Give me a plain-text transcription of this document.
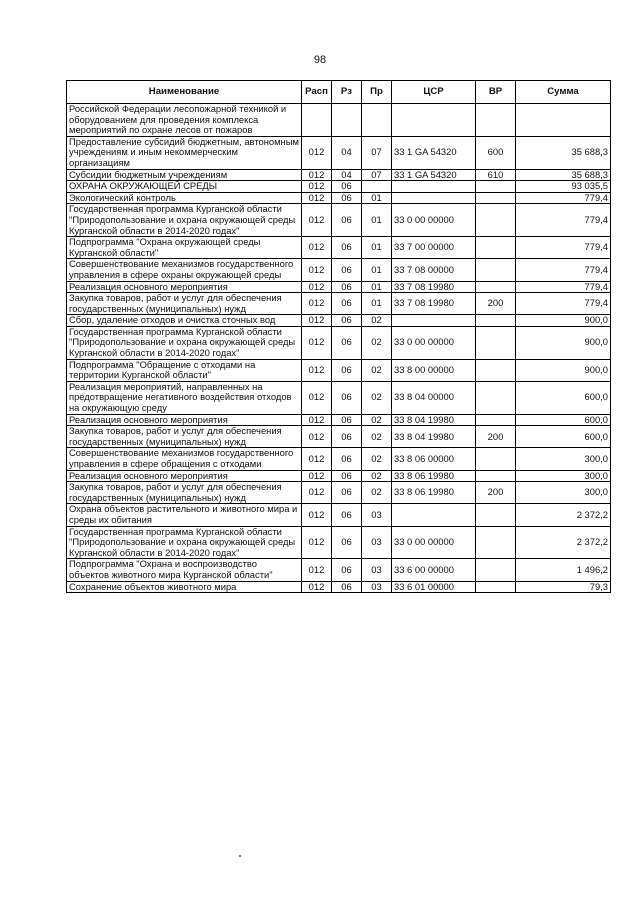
98
Наименование	Расп	Рз	Пр	ЦСР	ВР	Сумма
Российской Федерации лесопожарной техникой и оборудованием для проведения комплекса мероприятий по охране лесов от пожаров						
Предоставление субсидий бюджетным, автономным учреждениям и иным некоммерческим организациям	012	04	07	33 1 GA 54320	600	35 688,3
Субсидии бюджетным учреждениям	012	04	07	33 1 GA 54320	610	35 688,3
ОХРАНА ОКРУЖАЮЩЕЙ СРЕДЫ	012	06				93 035,5
Экологический контроль	012	06	01			779,4
Государственная программа Курганской области "Природопользование и охрана окружающей среды Курганской области в 2014-2020 годах"	012	06	01	33 0 00 00000		779,4
Подпрограмма "Охрана окружающей среды Курганской области"	012	06	01	33 7 00 00000		779,4
Совершенствование механизмов государственного управления в сфере охраны окружающей среды	012	06	01	33 7 08 00000		779,4
Реализация основного мероприятия	012	06	01	33 7 08 19980		779,4
Закупка товаров, работ и услуг для обеспечения государственных (муниципальных) нужд	012	06	01	33 7 08 19980	200	779,4
Сбор, удаление отходов и очистка сточных вод	012	06	02			900,0
Государственная программа Курганской области "Природопользование и охрана окружающей среды Курганской области в 2014-2020 годах"	012	06	02	33 0 00 00000		900,0
Подпрограмма "Обращение с отходами на территории Курганской области"	012	06	02	33 8 00 00000		900,0
Реализация мероприятий, направленных на предотвращение негативного воздействия отходов на окружающую среду	012	06	02	33 8 04 00000		600,0
Реализация основного мероприятия	012	06	02	33 8 04 19980		600,0
Закупка товаров, работ и услуг для обеспечения государственных (муниципальных) нужд	012	06	02	33 8 04 19980	200	600,0
Совершенствование механизмов государственного управления в сфере обращения с отходами	012	06	02	33 8 06 00000		300,0
Реализация основного мероприятия	012	06	02	33 8 06 19980		300,0
Закупка товаров, работ и услуг для обеспечения государственных (муниципальных) нужд	012	06	02	33 8 06 19980	200	300,0
Охрана объектов растительного и животного мира и среды их обитания	012	06	03			2 372,2
Государственная программа Курганской области "Природопользование и охрана окружающей среды Курганской области в 2014-2020 годах"	012	06	03	33 0 00 00000		2 372,2
Подпрограмма "Охрана и воспроизводство объектов животного мира Курганской области"	012	06	03	33 6 00 00000		1 496,2
Сохранение объектов животного мира	012	06	03	33 6 01 00000		79,3
